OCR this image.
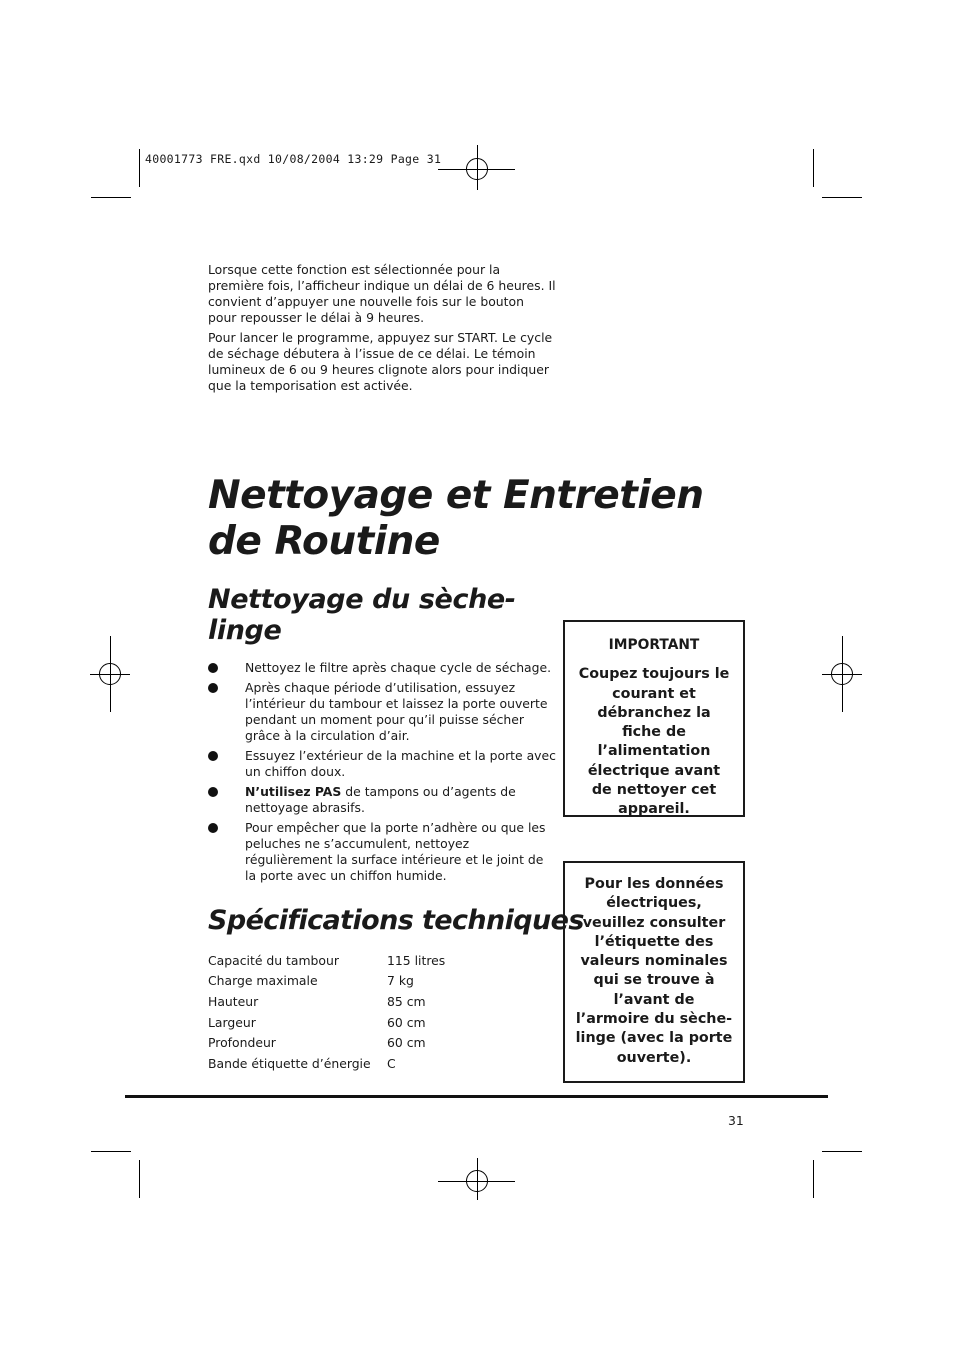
40001773 FRE.qxd 10/08/2004 13:29 Page 31

Lorsque cette fonction est sélectionnée pour la première fois, l’afficheur indique un délai de 6 heures. Il convient d’appuyer une nouvelle fois sur le bouton pour repousser le délai à 9 heures.

Pour lancer le programme, appuyez sur START. Le cycle de séchage débutera à l’issue de ce délai. Le témoin lumineux de 6 ou 9 heures clignote alors pour indiquer que la temporisation est activée.

Nettoyage et Entretien de Routine
Nettoyage du sèche-linge
Nettoyez le filtre après chaque cycle de séchage.
Après chaque période d’utilisation, essuyez l’intérieur du tambour et laissez la porte ouverte pendant un moment pour qu’il puisse sécher grâce à la circulation d’air.
Essuyez l’extérieur de la machine et la porte avec un chiffon doux.
N’utilisez PAS de tampons ou d’agents de nettoyage abrasifs.
Pour empêcher que la porte n’adhère ou que les peluches ne s’accumulent, nettoyez régulièrement la surface intérieure et le joint de la porte avec un chiffon humide.
Spécifications techniques
Capacité du tambour	115 litres
Charge maximale	7 kg
Hauteur	85 cm
Largeur	60 cm
Profondeur	60 cm
Bande étiquette d’énergie	C
IMPORTANT
Coupez toujours le courant et débranchez la fiche de l’alimentation électrique avant de nettoyer cet appareil.
Pour les données électriques, veuillez consulter l’étiquette des valeurs nominales qui se trouve à l’avant de l’armoire du sèche-linge (avec la porte ouverte).
31
